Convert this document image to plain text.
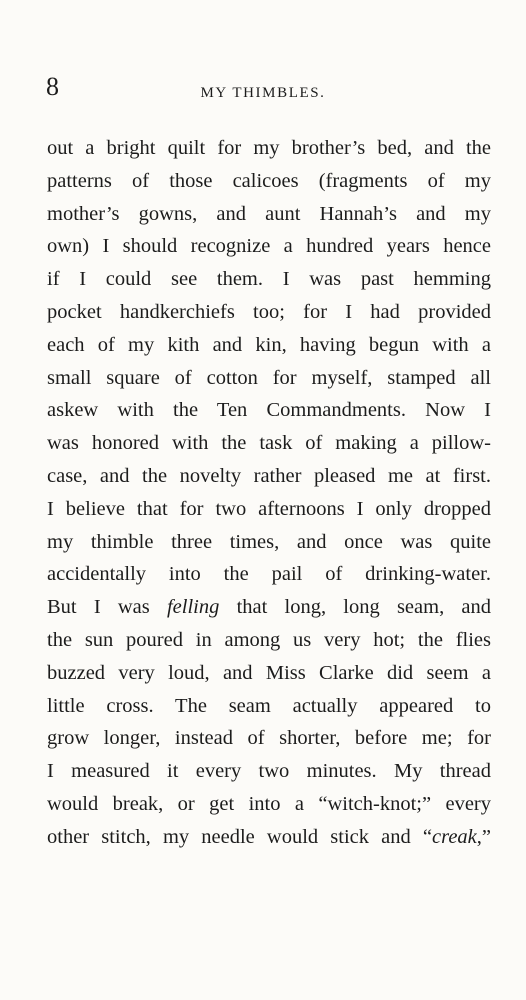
8	MY THIMBLES.
out a bright quilt for my brother’s bed, and the
patterns of those calicoes (fragments of my
mother’s gowns, and aunt Hannah’s and my
own) I should recognize a hundred years hence
if I could see them. I was past hemming
pocket handkerchiefs too; for I had provided
each of my kith and kin, having begun with a
small square of cotton for myself, stamped all
askew with the Ten Commandments. Now I
was honored with the task of making a pillow-
case, and the novelty rather pleased me at first.
I believe that for two afternoons I only dropped
my thimble three times, and once was quite
accidentally into the pail of drinking-water.
But I was felling that long, long seam, and
the sun poured in among us very hot; the flies
buzzed very loud, and Miss Clarke did seem a
little cross. The seam actually appeared to
grow longer, instead of shorter, before me; for
I measured it every two minutes. My thread
would break, or get into a “witch-knot;” every
other stitch, my needle would stick and “creak,”
